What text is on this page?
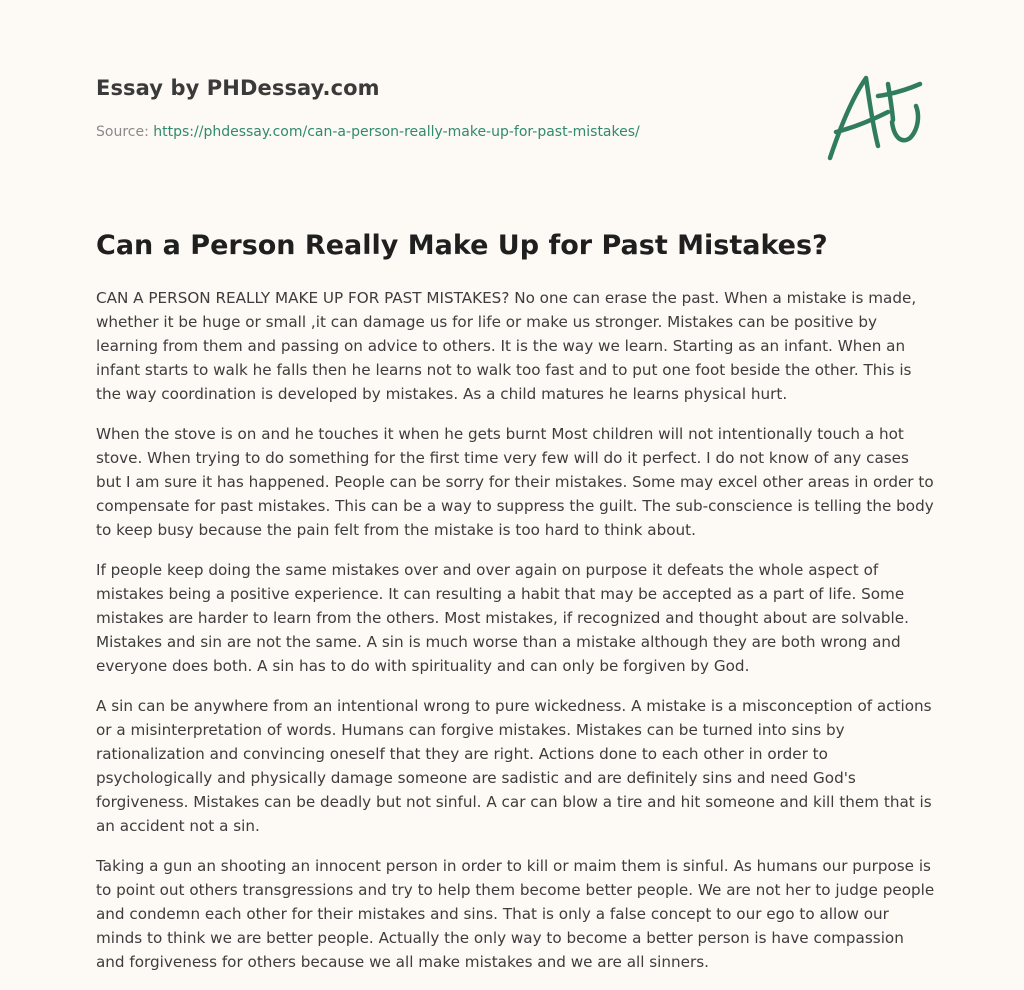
Essay by PHDessay.com
Source: https://phdessay.com/can-a-person-really-make-up-for-past-mistakes/
Can a Person Really Make Up for Past Mistakes?

CAN A PERSON REALLY MAKE UP FOR PAST MISTAKES? No one can erase the past. When a mistake is made, whether it be huge or small ,it can damage us for life or make us stronger. Mistakes can be positive by learning from them and passing on advice to others. It is the way we learn. Starting as an infant. When an infant starts to walk he falls then he learns not to walk too fast and to put one foot beside the other. This is the way coordination is developed by mistakes. As a child matures he learns physical hurt.

When the stove is on and he touches it when he gets burnt Most children will not intentionally touch a hot stove. When trying to do something for the first time very few will do it perfect. I do not know of any cases but I am sure it has happened. People can be sorry for their mistakes. Some may excel other areas in order to compensate for past mistakes. This can be a way to suppress the guilt. The sub-conscience is telling the body to keep busy because the pain felt from the mistake is too hard to think about.

If people keep doing the same mistakes over and over again on purpose it defeats the whole aspect of mistakes being a positive experience. It can resulting a habit that may be accepted as a part of life. Some mistakes are harder to learn from the others. Most mistakes, if recognized and thought about are solvable. Mistakes and sin are not the same. A sin is much worse than a mistake although they are both wrong and everyone does both. A sin has to do with spirituality and can only be forgiven by God.

A sin can be anywhere from an intentional wrong to pure wickedness. A mistake is a misconception of actions or a misinterpretation of words. Humans can forgive mistakes. Mistakes can be turned into sins by rationalization and convincing oneself that they are right. Actions done to each other in order to psychologically and physically damage someone are sadistic and are definitely sins and need God's forgiveness. Mistakes can be deadly but not sinful. A car can blow a tire and hit someone and kill them that is an accident not a sin.

Taking a gun an shooting an innocent person in order to kill or maim them is sinful. As humans our purpose is to point out others transgressions and try to help them become better people. We are not her to judge people and condemn each other for their mistakes and sins. That is only a false concept to our ego to allow our minds to think we are better people. Actually the only way to become a better person is have compassion and forgiveness for others because we all make mistakes and we are all sinners.
